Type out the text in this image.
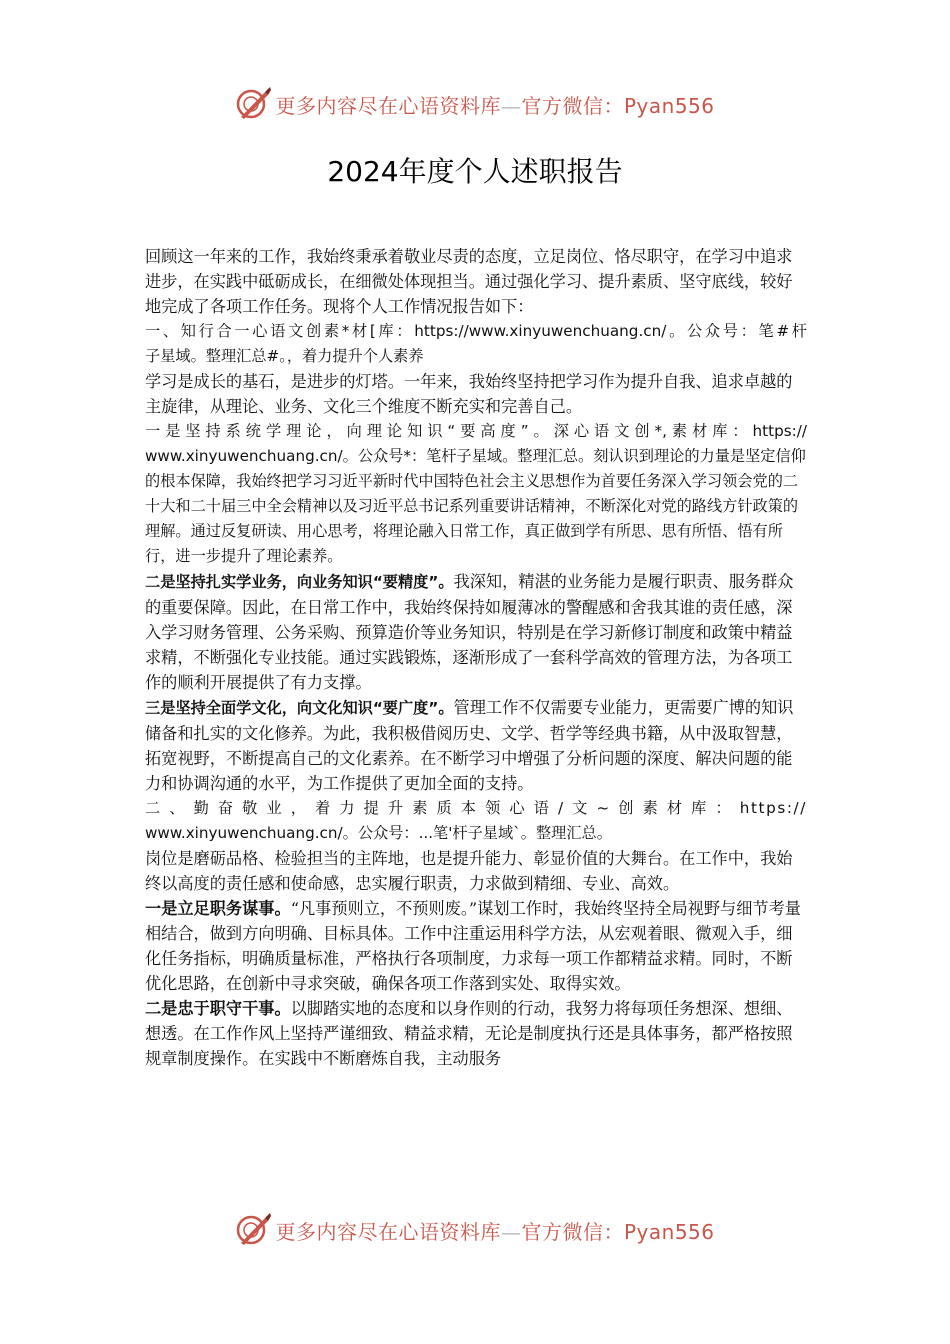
更多内容尽在心语资料库—官方微信：Pyan556
2024年度个人述职报告

回顾这一年来的工作，我始终秉承着敬业尽责的态度，立足岗位、恪尽职守，在学习中追求进步，在实践中砥砺成长，在细微处体现担当。通过强化学习、提升素质、坚守底线，较好地完成了各项工作任务。现将个人工作情况报告如下：

一、知行合一心语文创素*材[库：https://www.xinyuwenchuang.cn/。公众号：笔#杆

子星域。整理汇总#。，着力提升个人素养

学习是成长的基石，是进步的灯塔。一年来，我始终坚持把学习作为提升自我、追求卓越的主旋律，从理论、业务、文化三个维度不断充实和完善自己。

一是坚持系统学理论，向理论知识“要高度”。深心语文创*,素材库：https://

www.xinyuwenchuang.cn/。公众号*：笔杆子星域。整理汇总。刻认识到理论的力量是坚定信仰的根本保障，我始终把学习习近平新时代中国特色社会主义思想作为首要任务深入学习领会党的二十大和二十届三中全会精神以及习近平总书记系列重要讲话精神，不断深化对党的路线方针政策的理解。通过反复研读、用心思考，将理论融入日常工作，真正做到学有所思、思有所悟、悟有所行，进一步提升了理论素养。

二是坚持扎实学业务，向业务知识“要精度”。我深知，精湛的业务能力是履行职责、服务群众的重要保障。因此，在日常工作中，我始终保持如履薄冰的警醒感和舍我其谁的责任感，深入学习财务管理、公务采购、预算造价等业务知识，特别是在学习新修订制度和政策中精益求精，不断强化专业技能。通过实践锻炼，逐渐形成了一套科学高效的管理方法，为各项工作的顺利开展提供了有力支撑。

三是坚持全面学文化，向文化知识“要广度”。管理工作不仅需要专业能力，更需要广博的知识储备和扎实的文化修养。为此，我积极借阅历史、文学、哲学等经典书籍，从中汲取智慧，拓宽视野，不断提高自己的文化素养。在不断学习中增强了分析问题的深度、解决问题的能力和协调沟通的水平，为工作提供了更加全面的支持。

二、勤奋敬业，着力提升素质本领心语/文~创素材库：https://

www.xinyuwenchuang.cn/。公众号：...笔'杆子星域`。整理汇总。

岗位是磨砺品格、检验担当的主阵地，也是提升能力、彰显价值的大舞台。在工作中，我始终以高度的责任感和使命感，忠实履行职责，力求做到精细、专业、高效。

一是立足职务谋事。“凡事预则立，不预则废。”谋划工作时，我始终坚持全局视野与细节考量相结合，做到方向明确、目标具体。工作中注重运用科学方法，从宏观着眼、微观入手，细化任务指标，明确质量标准，严格执行各项制度，力求每一项工作都精益求精。同时，不断优化思路，在创新中寻求突破，确保各项工作落到实处、取得实效。

二是忠于职守干事。以脚踏实地的态度和以身作则的行动，我努力将每项任务想深、想细、想透。在工作作风上坚持严谨细致、精益求精，无论是制度执行还是具体事务，都严格按照规章制度操作。在实践中不断磨炼自我，主动服务

更多内容尽在心语资料库—官方微信：Pyan556
